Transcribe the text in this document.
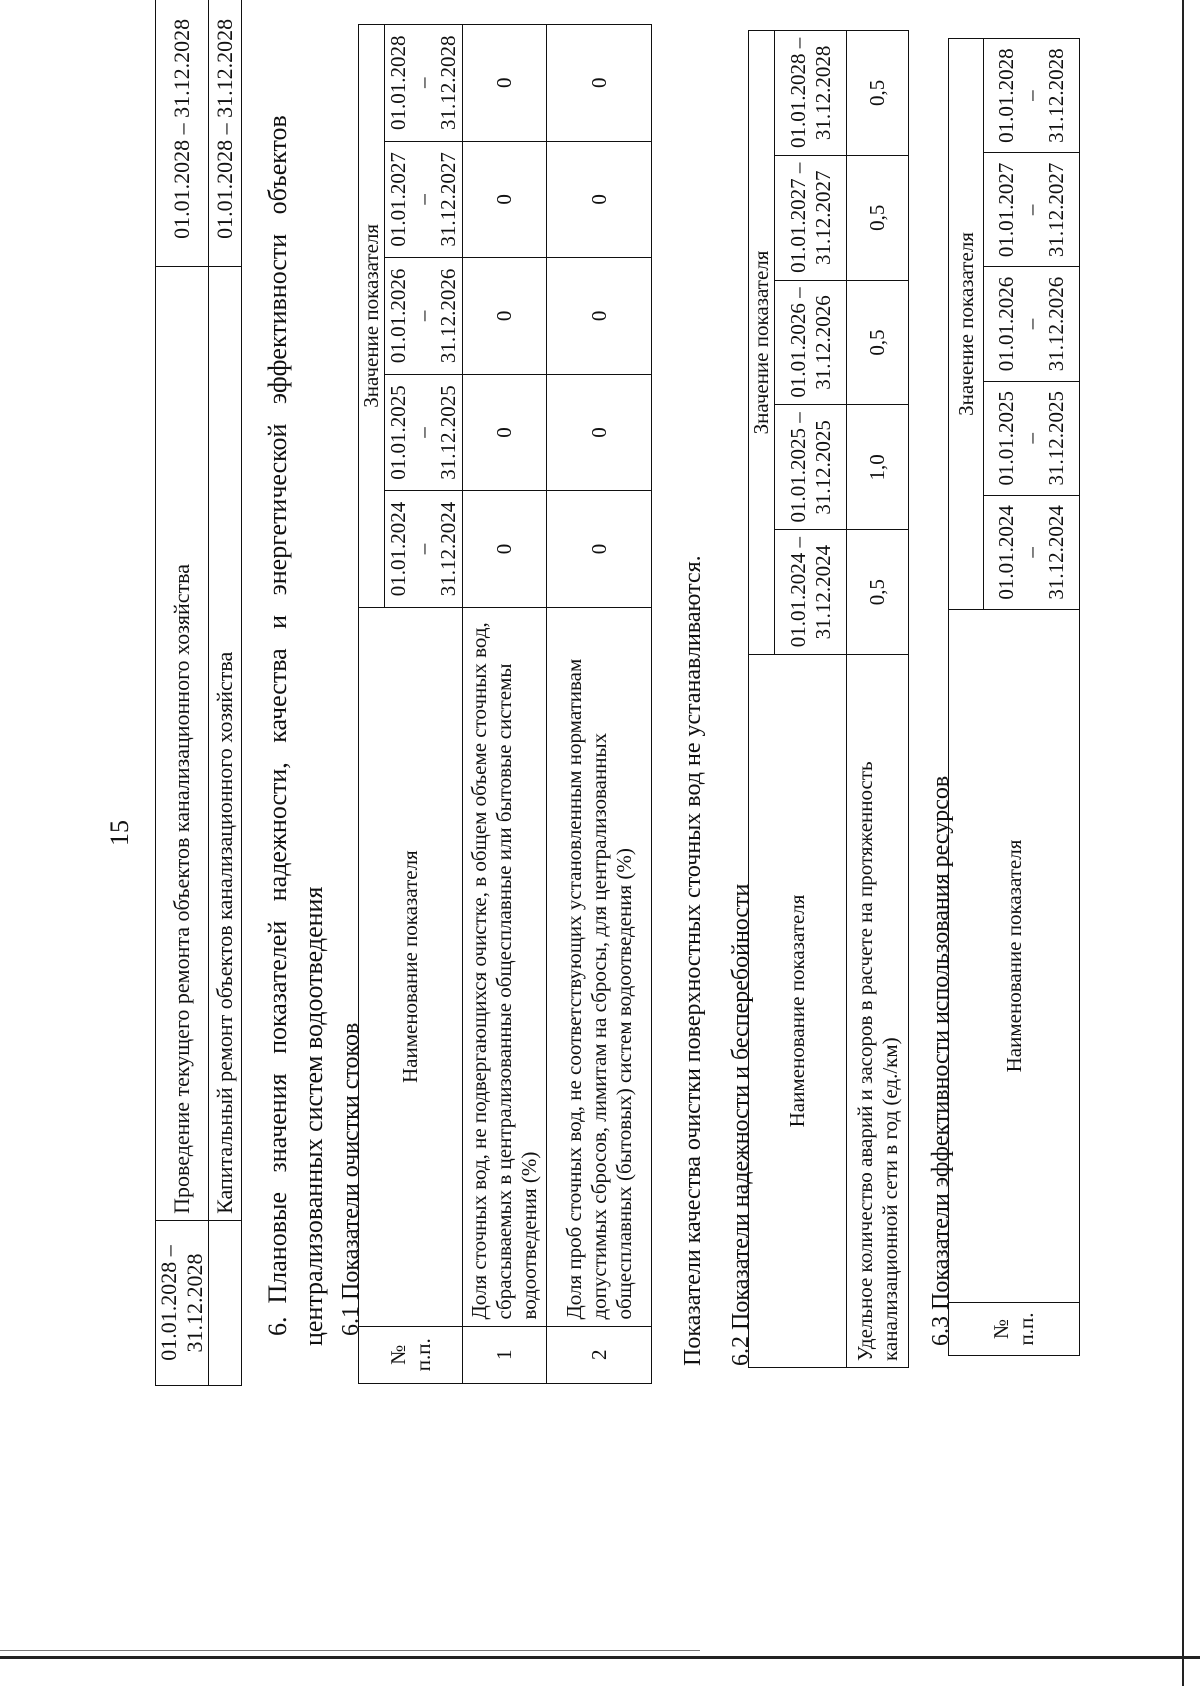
15
01.01.2028 – 31.12.2028	Проведение текущего ремонта объектов канализационного хозяйства	01.01.2028 – 31.12.2028
	Капитальный ремонт объектов канализационного хозяйства	01.01.2028 – 31.12.2028 6.  Плановые   значения   показателей   надежности,   качества   и   энергетической   эффективности   объектов централизованных систем водоотведения 6.1 Показатели очистки стоков
№ п.п.	Наименование показателя	Значение показателя				
		01.01.2024 – 31.12.2024	01.01.2025 – 31.12.2025	01.01.2026 – 31.12.2026	01.01.2027 – 31.12.2027	01.01.2028 – 31.12.2028
1	Доля сточных вод, не подвергающихся очистке, в общем объеме сточных вод, сбрасываемых в централизованные общесплавные или бытовые системы водоотведения (%)	0	0	0	0	0
2	Доля проб сточных вод, не соответствующих установленным нормативам допустимых сбросов, лимитам на сбросы, для централизованных общесплавных (бытовых) систем водоотведения (%)	0	0	0	0	0
Показатели качества очистки поверхностных сточных вод не устанавливаются. 6.2 Показатели надежности и бесперебойности Наименование показателя	Значение показателя				
	01.01.2024 – 31.12.2024	01.01.2025 – 31.12.2025	01.01.2026 – 31.12.2026	01.01.2027 – 31.12.2027	01.01.2028 – 31.12.2028
Удельное количество аварий и засоров в расчете на протяженность канализационной сети в год (ед./км)	0,5	1,0	0,5	0,5	0,5
6.3 Показатели эффективности использования ресурсов № п.п.	Наименование показателя	Значение показателя				
		01.01.2024 – 31.12.2024	01.01.2025 – 31.12.2025	01.01.2026 – 31.12.2026	01.01.2027 – 31.12.2027	01.01.2028 – 31.12.2028
